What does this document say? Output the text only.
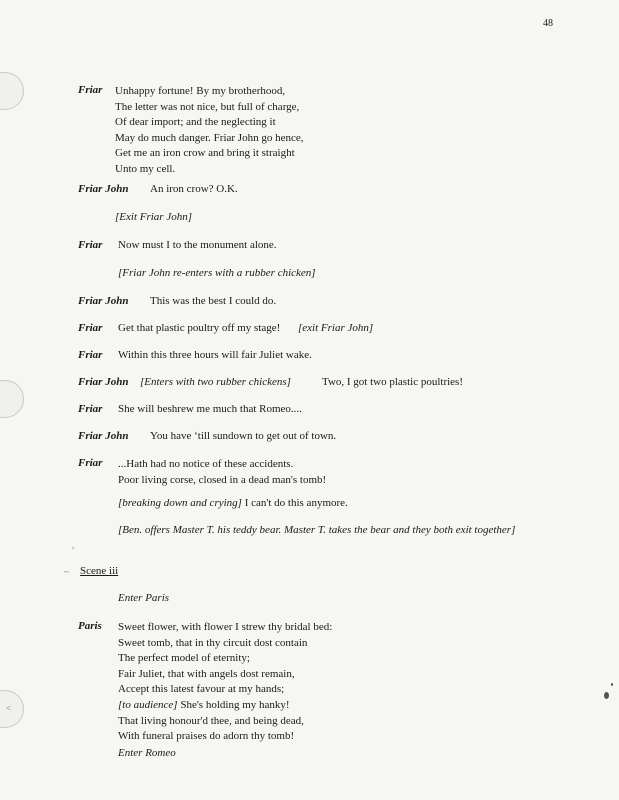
48
,
~
<
Friar Unhappy fortune! By my brotherhood,
The letter was not nice, but full of charge,
Of dear import; and the neglecting it
May do much danger. Friar John go hence,
Get me an iron crow and bring it straight
Unto my cell.
Friar John An iron crow? O.K.
[Exit Friar John]
Friar Now must I to the monument alone.
[Friar John re-enters with a rubber chicken]
Friar John This was the best I could do.
Friar Get that plastic poultry off my stage! [exit Friar John]
Friar Within this three hours will fair Juliet wake.
Friar John [Enters with two rubber chickens]	Two, I got two plastic poultries!
Friar She will beshrew me much that Romeo....
Friar John You have ‘till sundown to get out of town.
Friar ...Hath had no notice of these accidents.
Poor living corse, closed in a dead man's tomb!
[breaking down and crying] I can't do this anymore.
[Ben. offers Master T. his teddy bear. Master T. takes the bear and they both exit together]
Scene iii
Enter Paris
Paris Sweet flower, with flower I strew thy bridal bed:
Sweet tomb, that in thy circuit dost contain
The perfect model of eternity;
Fair Juliet, that with angels dost remain,
Accept this latest favour at my hands;
[to audience] She's holding my hanky!
That living honour'd thee, and being dead,
With funeral praises do adorn thy tomb!
Enter Romeo
